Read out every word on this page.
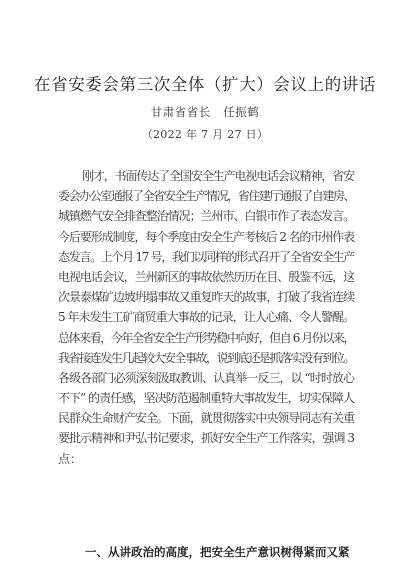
在省安委会第三次全体（扩大）会议上的讲话
甘肃省省长   任振鹤
（2022 年 7 月 27 日）
刚才，书面传达了全国安全生产电视电话会议精神，省安
委会办公室通报了全省安全生产情况，省住建厅通报了自建房、
城镇燃气安全排查整治情况；兰州市、白银市作了表态发言。
今后要形成制度，每个季度由安全生产考核后 2 名的市州作表
态发言。上个月 17 号，我们以同样的形式召开了全省安全生产
电视电话会议，兰州新区的事故依然历历在目、殷鉴不远，这
次景泰煤矿边坡坍塌事故又重复昨天的故事，打破了我省连续
5 年未发生工矿商贸重大事故的记录，让人心痛、令人警醒。
总体来看，今年全省安全生产形势稳中向好，但自 6 月份以来，
我省接连发生几起较大安全事故，说到底还是抓落实没有到位。
各级各部门必须深刻汲取教训、认真举一反三，以 “时时放心
不下” 的责任感，坚决防范遏制重特大事故发生，切实保障人
民群众生命财产安全。下面，就贯彻落实中央领导同志有关重
要批示精神和尹弘书记要求，抓好安全生产工作落实，强调 3
点：
一、从讲政治的高度，把安全生产意识树得紧而又紧
